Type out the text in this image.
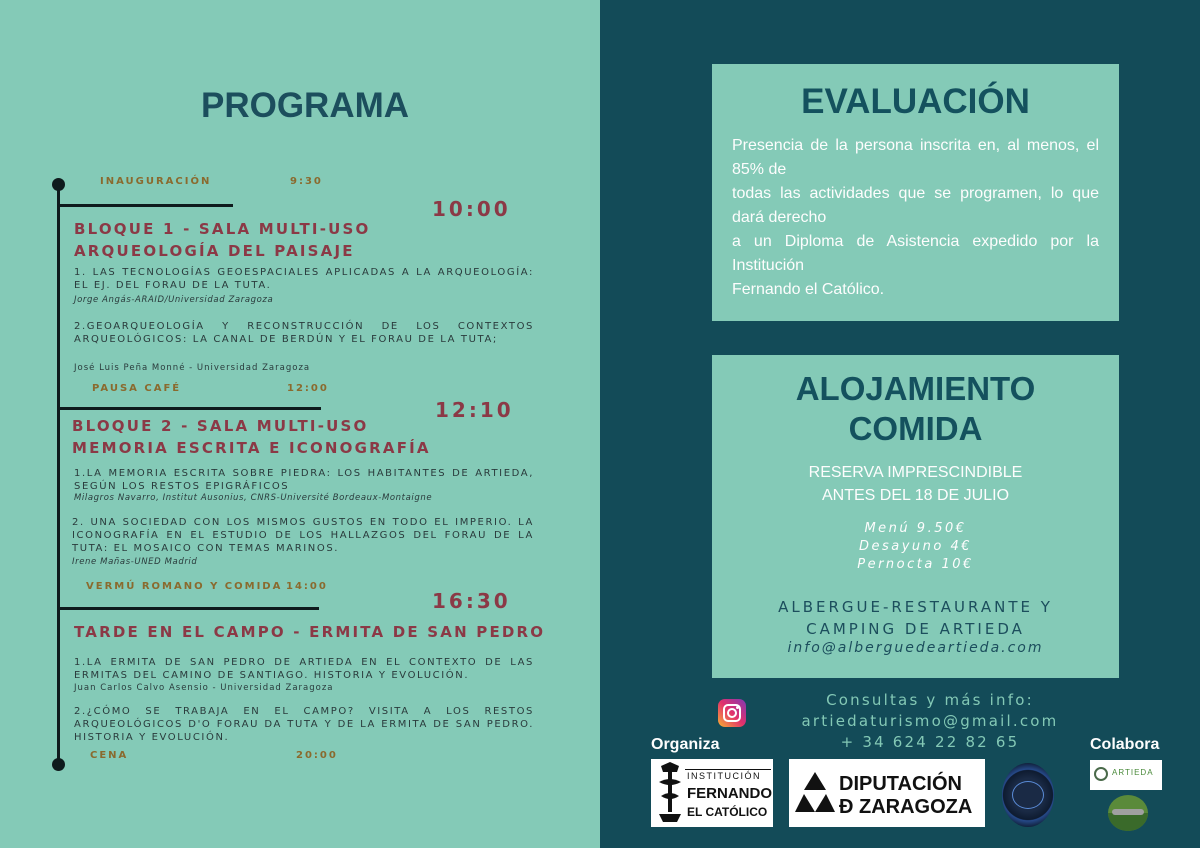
PROGRAMA
INAUGURACIÓN	9:30
10:00
BLOQUE 1 - SALA MULTI-USO
ARQUEOLOGÍA DEL PAISAJE
1. LAS TECNOLOGÍAS GEOESPACIALES APLICADAS A LA ARQUEOLOGÍA: EL EJ. DEL FORAU DE LA TUTA.
Jorge Angás-ARAID/Universidad Zaragoza
2.GEOARQUEOLOGÍA Y RECONSTRUCCIÓN DE LOS CONTEXTOS ARQUEOLÓGICOS: LA CANAL DE BERDÚN Y EL FORAU DE LA TUTA;
José Luis Peña Monné - Universidad Zaragoza
PAUSA CAFÉ	12:00
12:10
BLOQUE 2 - SALA MULTI-USO
MEMORIA ESCRITA E ICONOGRAFÍA
1.LA MEMORIA ESCRITA SOBRE PIEDRA: LOS HABITANTES DE ARTIEDA, SEGÚN LOS RESTOS EPIGRÁFICOS
Milagros Navarro, Institut Ausonius, CNRS-Université Bordeaux-Montaigne
2. UNA SOCIEDAD CON LOS MISMOS GUSTOS EN TODO EL IMPERIO. LA ICONOGRAFÍA EN EL ESTUDIO DE LOS HALLAZGOS DEL FORAU DE LA TUTA: EL MOSAICO CON TEMAS MARINOS.
Irene Mañas-UNED Madrid
VERMÚ ROMANO Y COMIDA 14:00
16:30
TARDE EN EL CAMPO - ERMITA DE SAN PEDRO
1.LA ERMITA DE SAN PEDRO DE ARTIEDA EN EL CONTEXTO DE LAS ERMITAS DEL CAMINO DE SANTIAGO. HISTORIA Y EVOLUCIÓN.
Juan Carlos Calvo Asensio - Universidad Zaragoza
2.¿CÓMO SE TRABAJA EN EL CAMPO? VISITA A LOS RESTOS ARQUEOLÓGICOS D'O FORAU DA TUTA Y DE LA ERMITA DE SAN PEDRO. HISTORIA Y EVOLUCIÓN.
CENA	20:00
EVALUACIÓN
Presencia de la persona inscrita en, al menos, el 85% de
todas las actividades que se programen, lo que dará derecho
a un Diploma de Asistencia expedido por la Institución
Fernando el Católico.
ALOJAMIENTO
COMIDA
RESERVA IMPRESCINDIBLE
ANTES DEL 18 DE JULIO
Menú 9.50€
Desayuno 4€
Pernocta 10€
ALBERGUE-RESTAURANTE Y
CAMPING DE ARTIEDA
info@alberguedeartieda.com
Consultas y más info:
artiedaturismo@gmail.com
+ 34 624 22 82 65
Organiza	Colabora
INSTITUCIÓN
FERNANDO
EL CATÓLICO
DIPUTACIÓN
Ð ZARAGOZA
ARTIEDA
